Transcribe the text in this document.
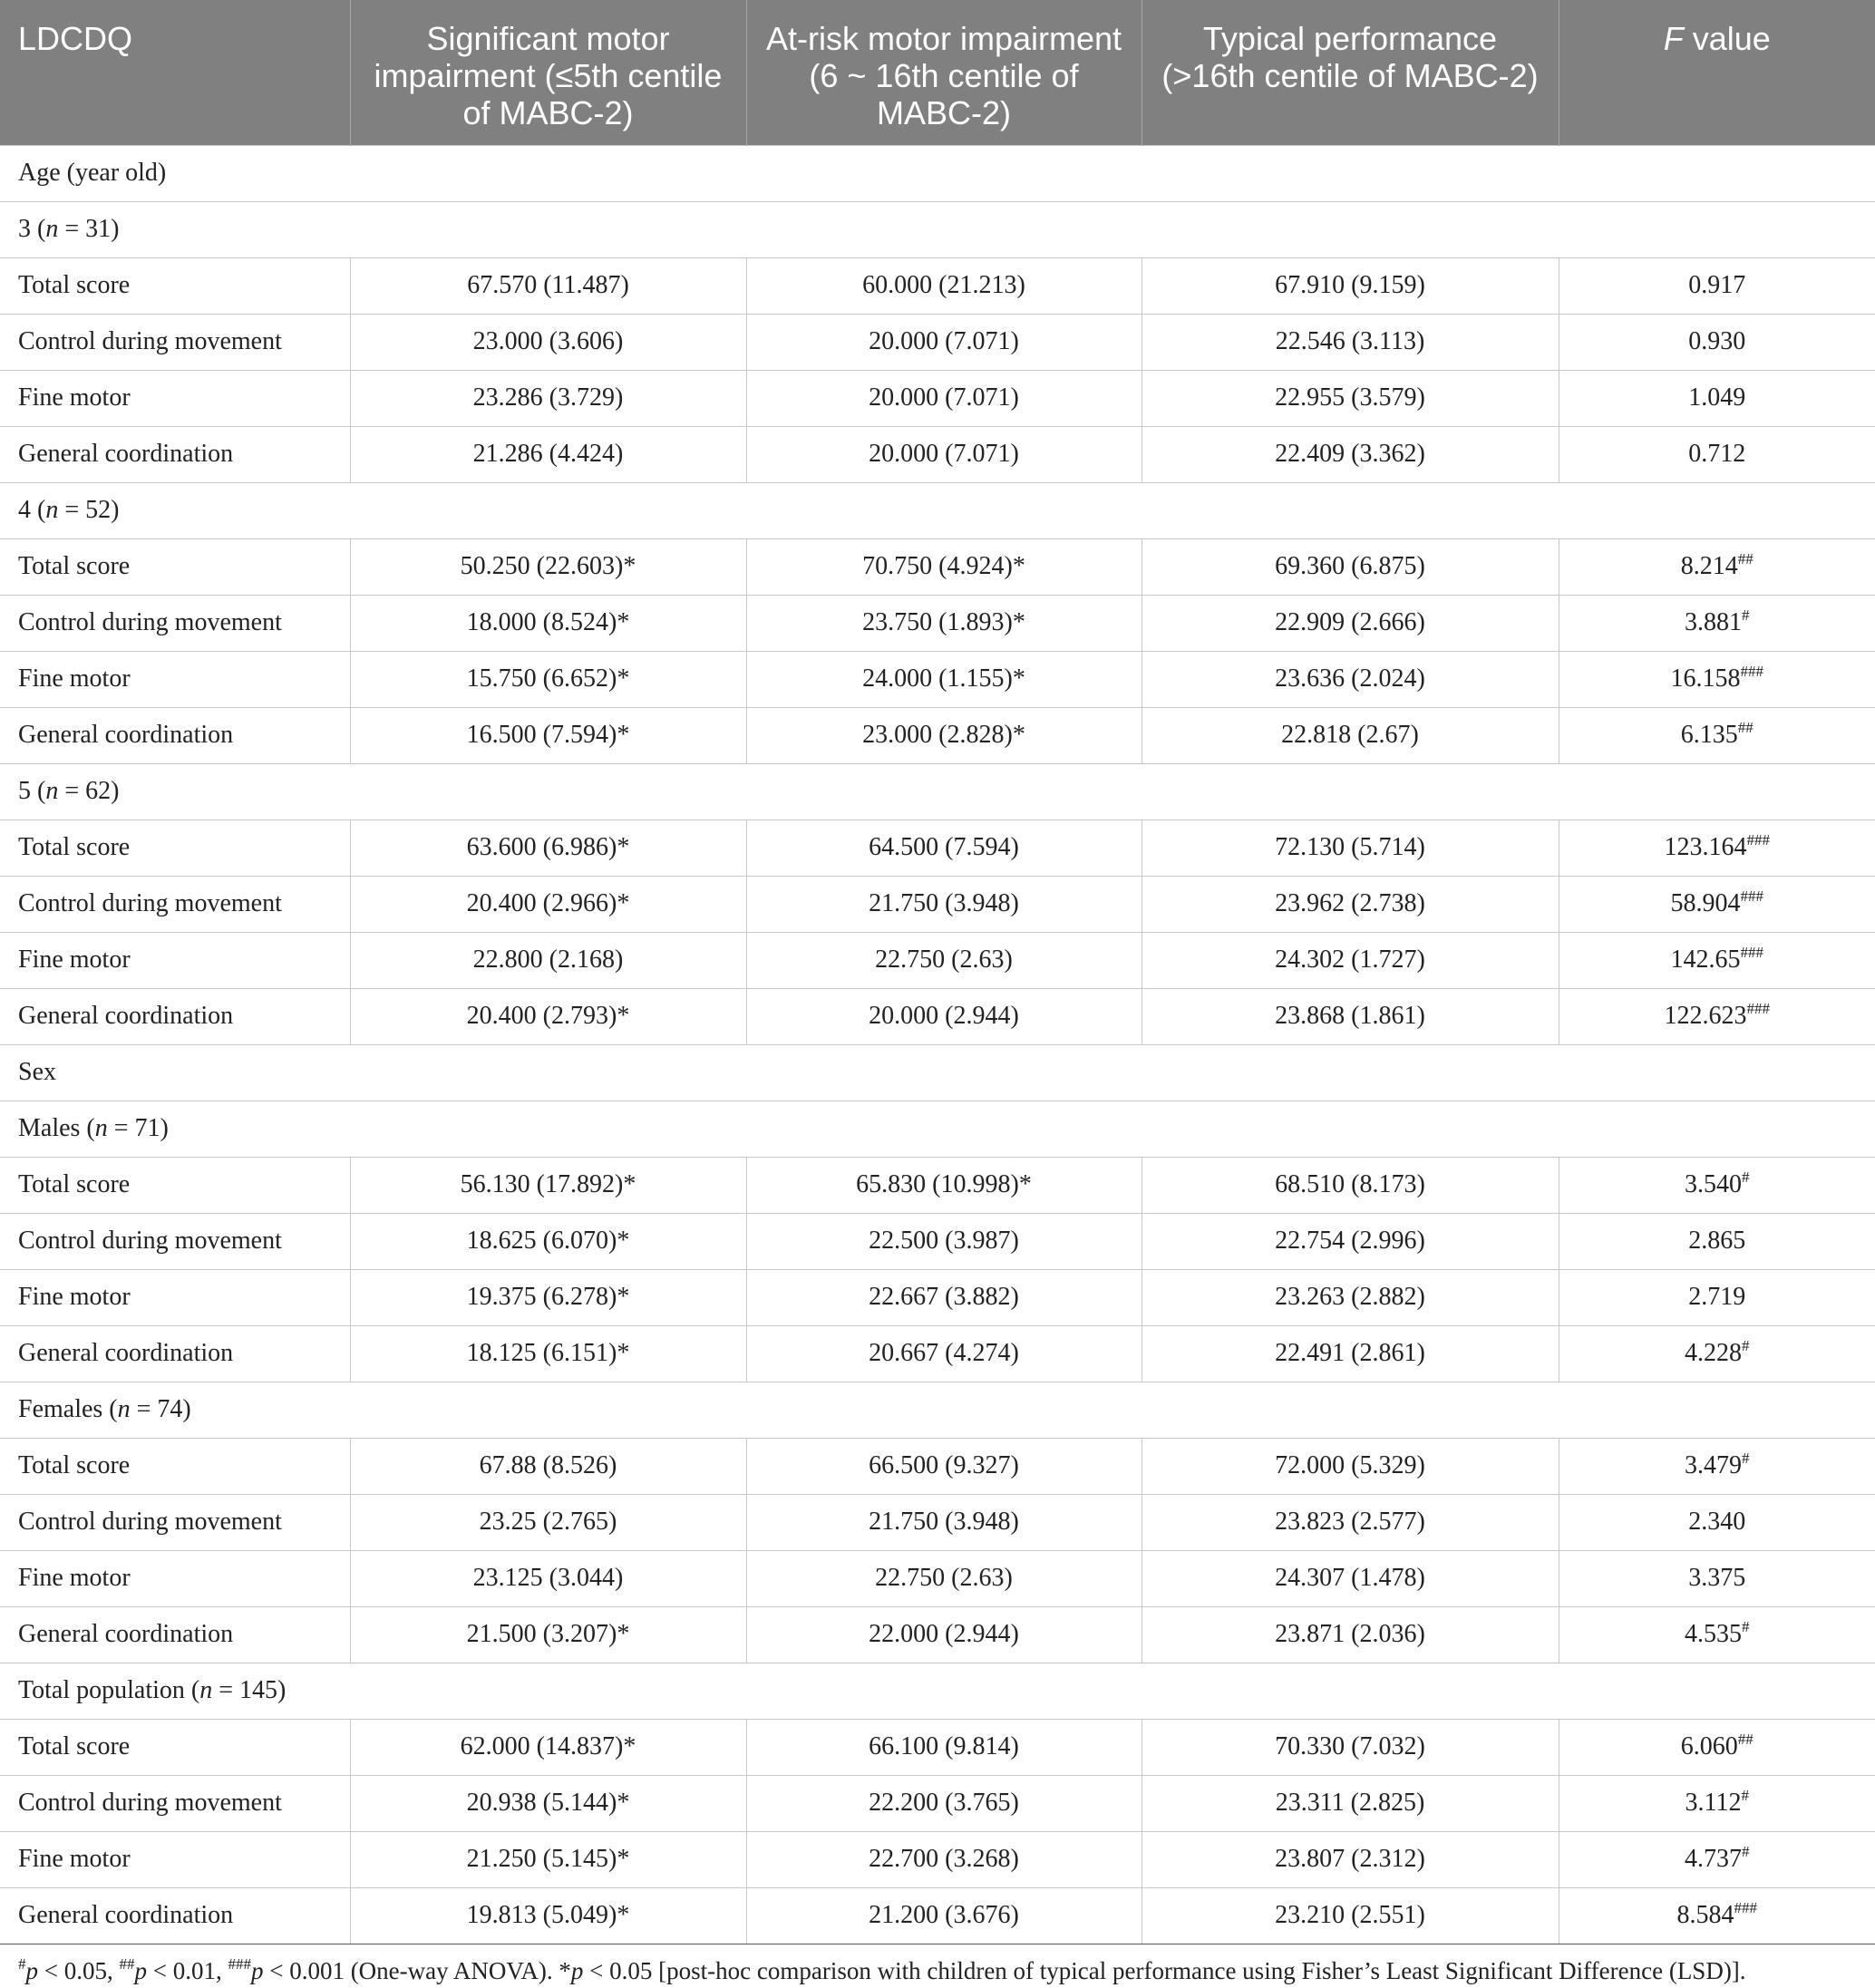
LDCDQ	Significant motor impairment (≤5th centile of MABC-2)	At-risk motor impairment (6 ~ 16th centile of MABC-2)	Typical performance (>16th centile of MABC-2)	F value
Age (year old)				
3 (n = 31)				
Total score	67.570 (11.487)	60.000 (21.213)	67.910 (9.159)	0.917
Control during movement	23.000 (3.606)	20.000 (7.071)	22.546 (3.113)	0.930
Fine motor	23.286 (3.729)	20.000 (7.071)	22.955 (3.579)	1.049
General coordination	21.286 (4.424)	20.000 (7.071)	22.409 (3.362)	0.712
4 (n = 52)				
Total score	50.250 (22.603)*	70.750 (4.924)*	69.360 (6.875)	8.214##
Control during movement	18.000 (8.524)*	23.750 (1.893)*	22.909 (2.666)	3.881#
Fine motor	15.750 (6.652)*	24.000 (1.155)*	23.636 (2.024)	16.158###
General coordination	16.500 (7.594)*	23.000 (2.828)*	22.818 (2.67)	6.135##
5 (n = 62)				
Total score	63.600 (6.986)*	64.500 (7.594)	72.130 (5.714)	123.164###
Control during movement	20.400 (2.966)*	21.750 (3.948)	23.962 (2.738)	58.904###
Fine motor	22.800 (2.168)	22.750 (2.63)	24.302 (1.727)	142.65###
General coordination	20.400 (2.793)*	20.000 (2.944)	23.868 (1.861)	122.623###
Sex				
Males (n = 71)				
Total score	56.130 (17.892)*	65.830 (10.998)*	68.510 (8.173)	3.540#
Control during movement	18.625 (6.070)*	22.500 (3.987)	22.754 (2.996)	2.865
Fine motor	19.375 (6.278)*	22.667 (3.882)	23.263 (2.882)	2.719
General coordination	18.125 (6.151)*	20.667 (4.274)	22.491 (2.861)	4.228#
Females (n = 74)				
Total score	67.88 (8.526)	66.500 (9.327)	72.000 (5.329)	3.479#
Control during movement	23.25 (2.765)	21.750 (3.948)	23.823 (2.577)	2.340
Fine motor	23.125 (3.044)	22.750 (2.63)	24.307 (1.478)	3.375
General coordination	21.500 (3.207)*	22.000 (2.944)	23.871 (2.036)	4.535#
Total population (n = 145)				
Total score	62.000 (14.837)*	66.100 (9.814)	70.330 (7.032)	6.060##
Control during movement	20.938 (5.144)*	22.200 (3.765)	23.311 (2.825)	3.112#
Fine motor	21.250 (5.145)*	22.700 (3.268)	23.807 (2.312)	4.737#
General coordination	19.813 (5.049)*	21.200 (3.676)	23.210 (2.551)	8.584###
#p < 0.05, ##p < 0.01, ###p < 0.001 (One-way ANOVA). *p < 0.05 [post-hoc comparison with children of typical performance using Fisher’s Least Significant Difference (LSD)].
